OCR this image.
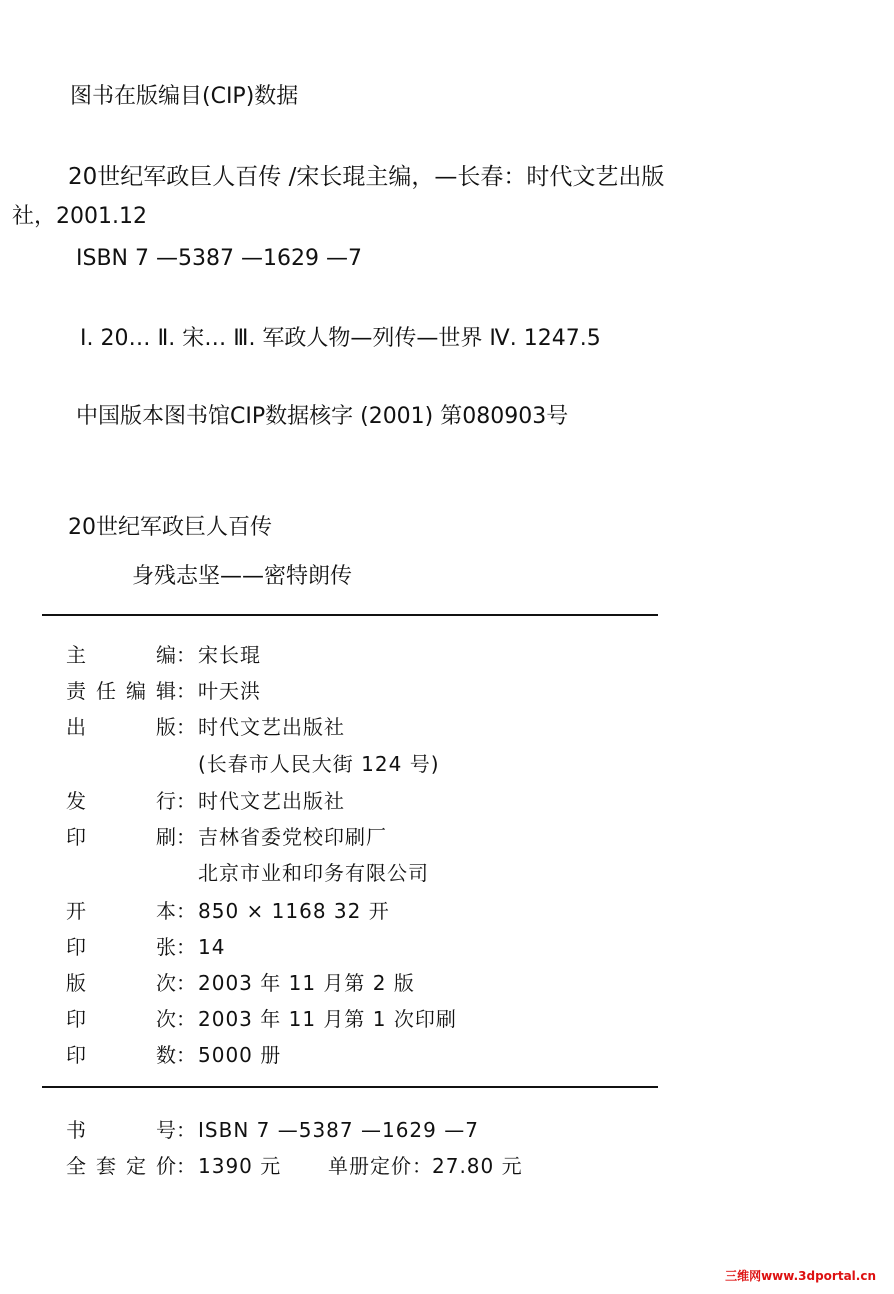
图书在版编目(CIP)数据
20世纪军政巨人百传 /宋长琨主编，—长春：时代文艺出版
社，2001.12
ISBN 7 —5387 —1629 —7
Ⅰ. 20… Ⅱ. 宋… Ⅲ. 军政人物—列传—世界 Ⅳ. 1247.5
中国版本图书馆CIP数据核字 (2001) 第080903号
20世纪军政巨人百传
身残志坚——密特朗传
主编： 宋长琨
责任编辑： 叶天洪
出版： 时代文艺出版社
(长春市人民大街 124 号)
发行： 时代文艺出版社
印刷： 吉林省委党校印刷厂
北京市业和印务有限公司
开本： 850 × 1168 32 开
印张： 14
版次： 2003 年 11 月第 2 版
印次： 2003 年 11 月第 1 次印刷
印数： 5000 册
书号： ISBN 7 —5387 —1629 —7
全套定价： 1390 元 单册定价：27.80 元
三维网www.3dportal.cn
